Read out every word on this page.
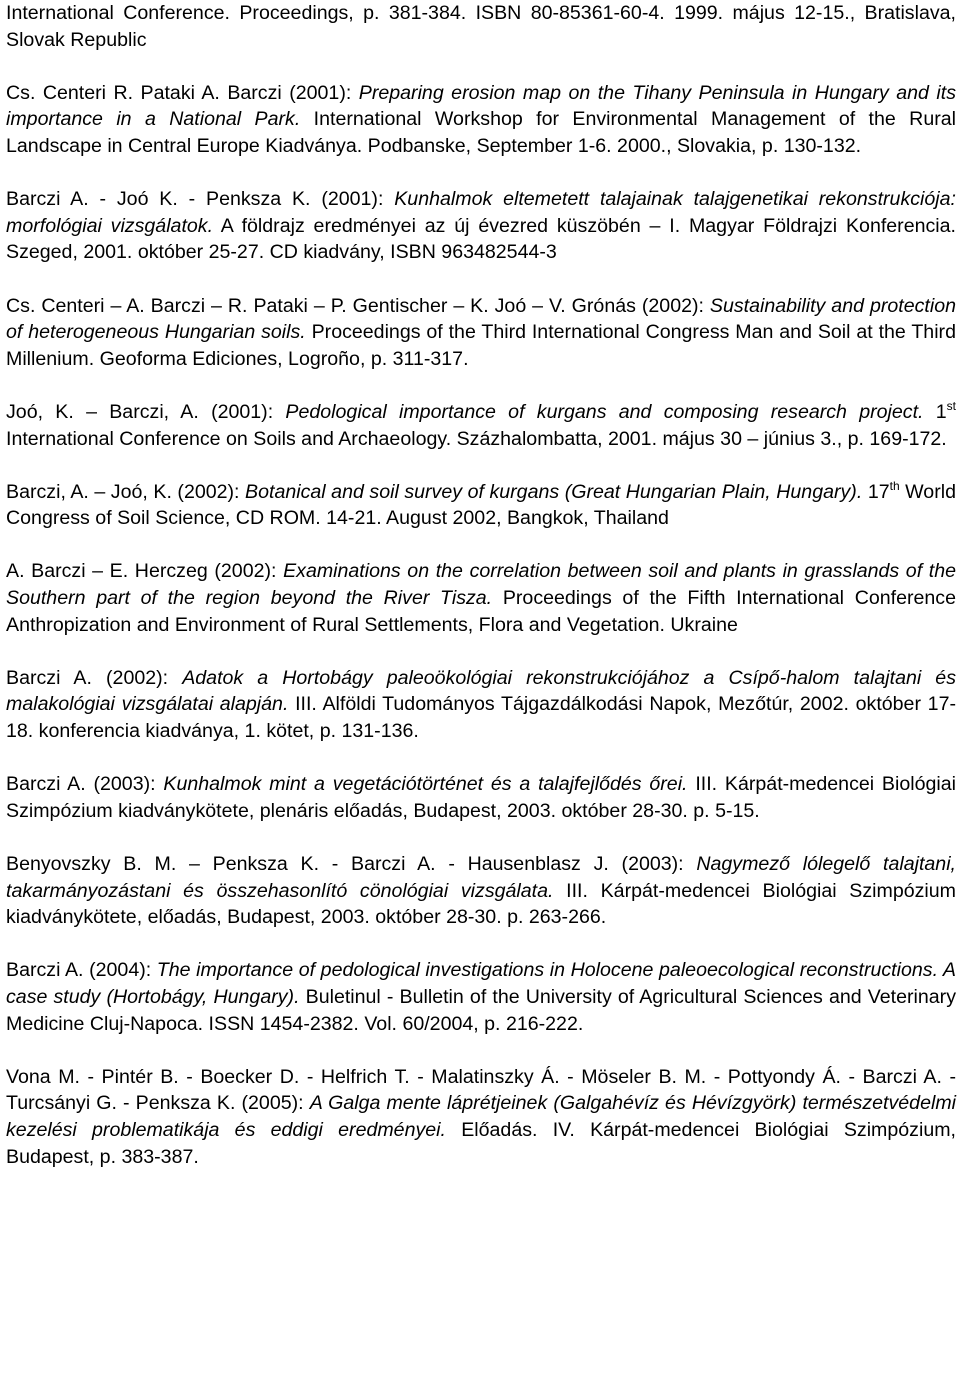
International Conference. Proceedings, p. 381-384. ISBN 80-85361-60-4. 1999. május 12-15., Bratislava, Slovak Republic

Cs. Centeri R. Pataki A. Barczi (2001): Preparing erosion map on the Tihany Peninsula in Hungary and its importance in a National Park. International Workshop for Environmental Management of the Rural Landscape in Central Europe Kiadványa. Podbanske, September 1-6. 2000., Slovakia, p. 130-132.

Barczi A. - Joó K. - Penksza K. (2001): Kunhalmok eltemetett talajainak talajgenetikai rekonstrukciója: morfológiai vizsgálatok. A földrajz eredményei az új évezred küszöbén – I. Magyar Földrajzi Konferencia. Szeged, 2001. október 25-27. CD kiadvány, ISBN 963482544-3

Cs. Centeri – A. Barczi – R. Pataki – P. Gentischer – K. Joó – V. Grónás (2002): Sustainability and protection of heterogeneous Hungarian soils. Proceedings of the Third International Congress Man and Soil at the Third Millenium. Geoforma Ediciones, Logroño, p. 311-317.

Joó, K. – Barczi, A. (2001): Pedological importance of kurgans and composing research project. 1st International Conference on Soils and Archaeology. Százhalombatta, 2001. május 30 – június 3., p. 169-172.

Barczi, A. – Joó, K. (2002): Botanical and soil survey of kurgans (Great Hungarian Plain, Hungary). 17th World Congress of Soil Science, CD ROM. 14-21. August 2002, Bangkok, Thailand

A. Barczi – E. Herczeg (2002): Examinations on the correlation between soil and plants in grasslands of the Southern part of the region beyond the River Tisza. Proceedings of the Fifth International Conference Anthropization and Environment of Rural Settlements, Flora and Vegetation. Ukraine

Barczi A. (2002): Adatok a Hortobágy paleoökológiai rekonstrukciójához a Csípő-halom talajtani és malakológiai vizsgálatai alapján. III. Alföldi Tudományos Tájgazdálkodási Napok, Mezőtúr, 2002. október 17-18. konferencia kiadványa, 1. kötet, p. 131-136.

Barczi A. (2003): Kunhalmok mint a vegetációtörténet és a talajfejlődés őrei. III. Kárpát-medencei Biológiai Szimpózium kiadványkötete, plenáris előadás, Budapest, 2003. október 28-30. p. 5-15.

Benyovszky B. M. – Penksza K. - Barczi A. - Hausenblasz J. (2003): Nagymező lólegelő talajtani, takarmányozástani és összehasonlító cönológiai vizsgálata. III. Kárpát-medencei Biológiai Szimpózium kiadványkötete, előadás, Budapest, 2003. október 28-30. p. 263-266.

Barczi A. (2004): The importance of pedological investigations in Holocene paleoecological reconstructions. A case study (Hortobágy, Hungary). Buletinul - Bulletin of the University of Agricultural Sciences and Veterinary Medicine Cluj-Napoca. ISSN 1454-2382. Vol. 60/2004, p. 216-222.

Vona M. - Pintér B. - Boecker D. - Helfrich T. - Malatinszky Á. - Möseler B. M. - Pottyondy Á. - Barczi A. - Turcsányi G. - Penksza K. (2005): A Galga mente láprétjeinek (Galgahévíz és Hévízgyörk) természetvédelmi kezelési problematikája és eddigi eredményei. Előadás. IV. Kárpát-medencei Biológiai Szimpózium, Budapest, p. 383-387.
